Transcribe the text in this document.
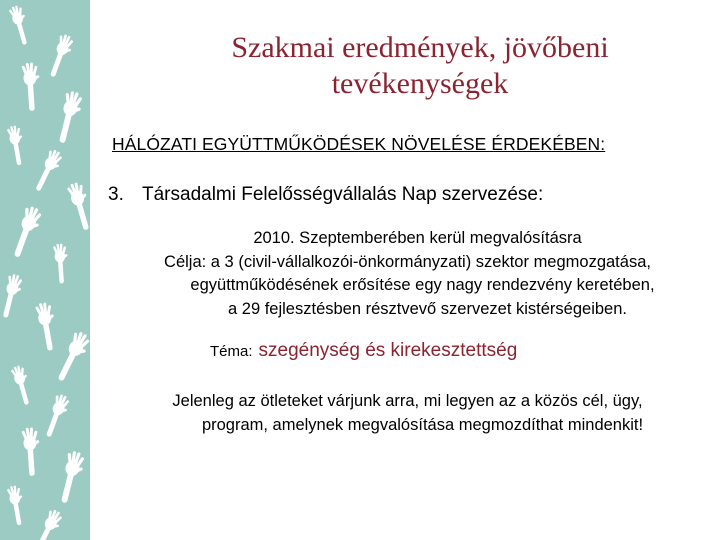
Szakmai eredmények, jövőbeni
tevékenységek
HÁLÓZATI EGYÜTTMŰKÖDÉSEK NÖVELÉSE ÉRDEKÉBEN:
3. Társadalmi Felelősségvállalás Nap szervezése:
2010. Szeptemberében kerül megvalósításra
Célja: a 3 (civil-vállalkozói-önkormányzati) szektor megmozgatása,
együttműködésének erősítése egy nagy rendezvény keretében,
a 29 fejlesztésben résztvevő szervezet kistérségeiben.
Téma: szegénység és kirekesztettség
Jelenleg az ötleteket várjunk arra, mi legyen az a közös cél, ügy,
program, amelynek megvalósítása megmozdíthat mindenkit!
